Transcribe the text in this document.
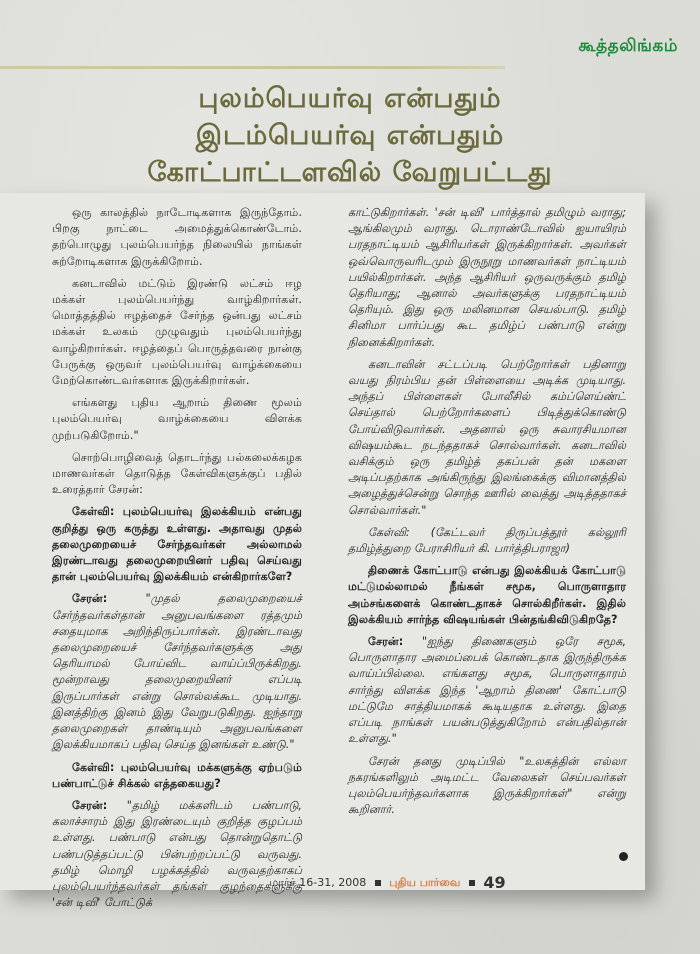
கூத்தலிங்கம்
புலம்பெயர்வு என்பதும்
இடம்பெயர்வு என்பதும்
கோட்பாட்டளவில் வேறுபட்டது

ஒரு காலத்தில் நாடோடிகளாக இருந்தோம். பிறகு நாட்டை அமைத்துக்கொண்டோம். தற்பொழுது புலம்பெயர்ந்த நிலையில் நாங்கள் சுற்றோடிகளாக இருக்கிறோம்.

கனடாவில் மட்டும் இரண்டு லட்சம் ஈழ மக்கள் புலம்பெயர்ந்து வாழ்கிறார்கள். மொத்தத்தில் ஈழத்தைச் சேர்ந்த ஒன்பது லட்சம் மக்கள் உலகம் முழுவதும் புலம்பெயர்ந்து வாழ்கிறார்கள். ஈழத்தைப் பொருத்தவரை நான்கு பேருக்கு ஒருவர் புலம்பெயர்வு வாழ்க்கையை மேற்கொண்டவர்களாக இருக்கிறார்கள்.

எங்களது புதிய ஆறாம் திணை மூலம் புலம்பெயர்வு வாழ்க்கையை விளக்க முற்படுகிறோம்."

சொற்பொழிவைத் தொடர்ந்து பல்கலைக்கழக மாணவர்கள் தொடுத்த கேள்விகளுக்குப் பதில் உரைத்தார் சேரன்:

கேள்வி: புலம்பெயர்வு இலக்கியம் என்பது குறித்து ஒரு கருத்து உள்ளது. அதாவது முதல் தலைமுறையைச் சேர்ந்தவர்கள் அல்லாமல் இரண்டாவது தலைமுறையினர் பதிவு செய்வது தான் புலம்பெயர்வு இலக்கியம் என்கிறார்களே?

சேரன்: "முதல் தலைமுறையைச் சேர்ந்தவர்கள்தான் அனுபவங்களை ரத்தமும் சதையுமாக அறிந்திருப்பார்கள். இரண்டாவது தலைமுறையைச் சேர்ந்தவர்களுக்கு அது தெரியாமல் போய்விட வாய்ப்பிருக்கிறது. மூன்றாவது தலைமுறையினர் எப்படி இருப்பார்கள் என்று சொல்லக்கூட முடியாது. இனத்திற்கு இனம் இது வேறுபடுகிறது. ஐந்தாறு தலைமுறைகள் தாண்டியும் அனுபவங்களை இலக்கியமாகப் பதிவு செய்த இனங்கள் உண்டு."

கேள்வி: புலம்பெயர்வு மக்களுக்கு ஏற்படும் பண்பாட்டுச் சிக்கல் எத்தகையது?

சேரன்: "தமிழ் மக்களிடம் பண்பாடு, கலாச்சாரம் இது இரண்டையும் குறித்த குழப்பம் உள்ளது. பண்பாடு என்பது தொன்றுதொட்டு பண்படுத்தப்பட்டு பின்பற்றப்பட்டு வருவது. தமிழ் மொழி பழக்கத்தில் வருவதற்காகப் புலம்பெயர்ந்தவர்கள் தங்கள் குழந்தைகளுக்கு 'சன் டிவி' போட்டுக்

காட்டுகிறார்கள். 'சன் டிவி' பார்த்தால் தமிழும் வராது; ஆங்கிலமும் வராது. டொராண்டோவில் ஐயாயிரம் பரதநாட்டியம் ஆசிரியர்கள் இருக்கிறார்கள். அவர்கள் ஒவ்வொருவரிடமும் இருநூறு மாணவர்கள் நாட்டியம் பயில்கிறார்கள். அந்த ஆசிரியர் ஒருவருக்கும் தமிழ் தெரியாது; ஆனால் அவர்களுக்கு பரதநாட்டியம் தெரியும். இது ஒரு மலினமான செயல்பாடு. தமிழ் சினிமா பார்ப்பது கூட தமிழ்ப் பண்பாடு என்று நினைக்கிறார்கள்.

கனடாவின் சட்டப்படி பெற்றோர்கள் பதினாறு வயது நிரம்பிய தன் பிள்ளையை அடிக்க முடியாது. அந்தப் பிள்ளைகள் போலீசில் கம்ப்ளெய்ண்ட் செய்தால் பெற்றோர்களைப் பிடித்துக்கொண்டு போய்விடுவார்கள். அதனால் ஒரு சுவாரசியமான விஷயம்கூட நடந்ததாகச் சொல்வார்கள். கனடாவில் வசிக்கும் ஒரு தமிழ்த் தகப்பன் தன் மகளை அடிப்பதற்காக அங்கிருந்து இலங்கைக்கு விமானத்தில் அழைத்துச்சென்று சொந்த ஊரில் வைத்து அடித்ததாகச் சொல்வார்கள்."

கேள்வி: (கேட்டவர் திருப்பத்தூர் கல்லூரி தமிழ்த்துறை பேராசிரியர் கி. பார்த்திபராஜா)

திணைக் கோட்பாடு என்பது இலக்கியக் கோட்பாடு மட்டுமல்லாமல் நீங்கள் சமூக, பொருளாதார அம்சங்களைக் கொண்டதாகச் சொல்கிறீர்கள். இதில் இலக்கியம் சார்ந்த விஷயங்கள் பின்தங்கிவிடுகிறதே?

சேரன்: "ஐந்து திணைகளும் ஒரே சமூக, பொருளாதார அமைப்பைக் கொண்டதாக இருந்திருக்க வாய்ப்பில்லை. எங்களது சமூக, பொருளாதாரம் சார்ந்து விளக்க இந்த 'ஆறாம் திணை' கோட்பாடு மட்டுமே சாத்தியமாகக் கூடியதாக உள்ளது. இதை எப்படி நாங்கள் பயன்படுத்துகிறோம் என்பதில்தான் உள்ளது."

சேரன் தனது முடிப்பில் "உலகத்தின் எல்லா நகரங்களிலும் அடிமட்ட வேலைகள் செய்பவர்கள் புலம்பெயர்ந்தவர்களாக இருக்கிறார்கள்" என்று கூறினார்.

மார்ச் 16-31, 2008 புதிய பார்வை 49
